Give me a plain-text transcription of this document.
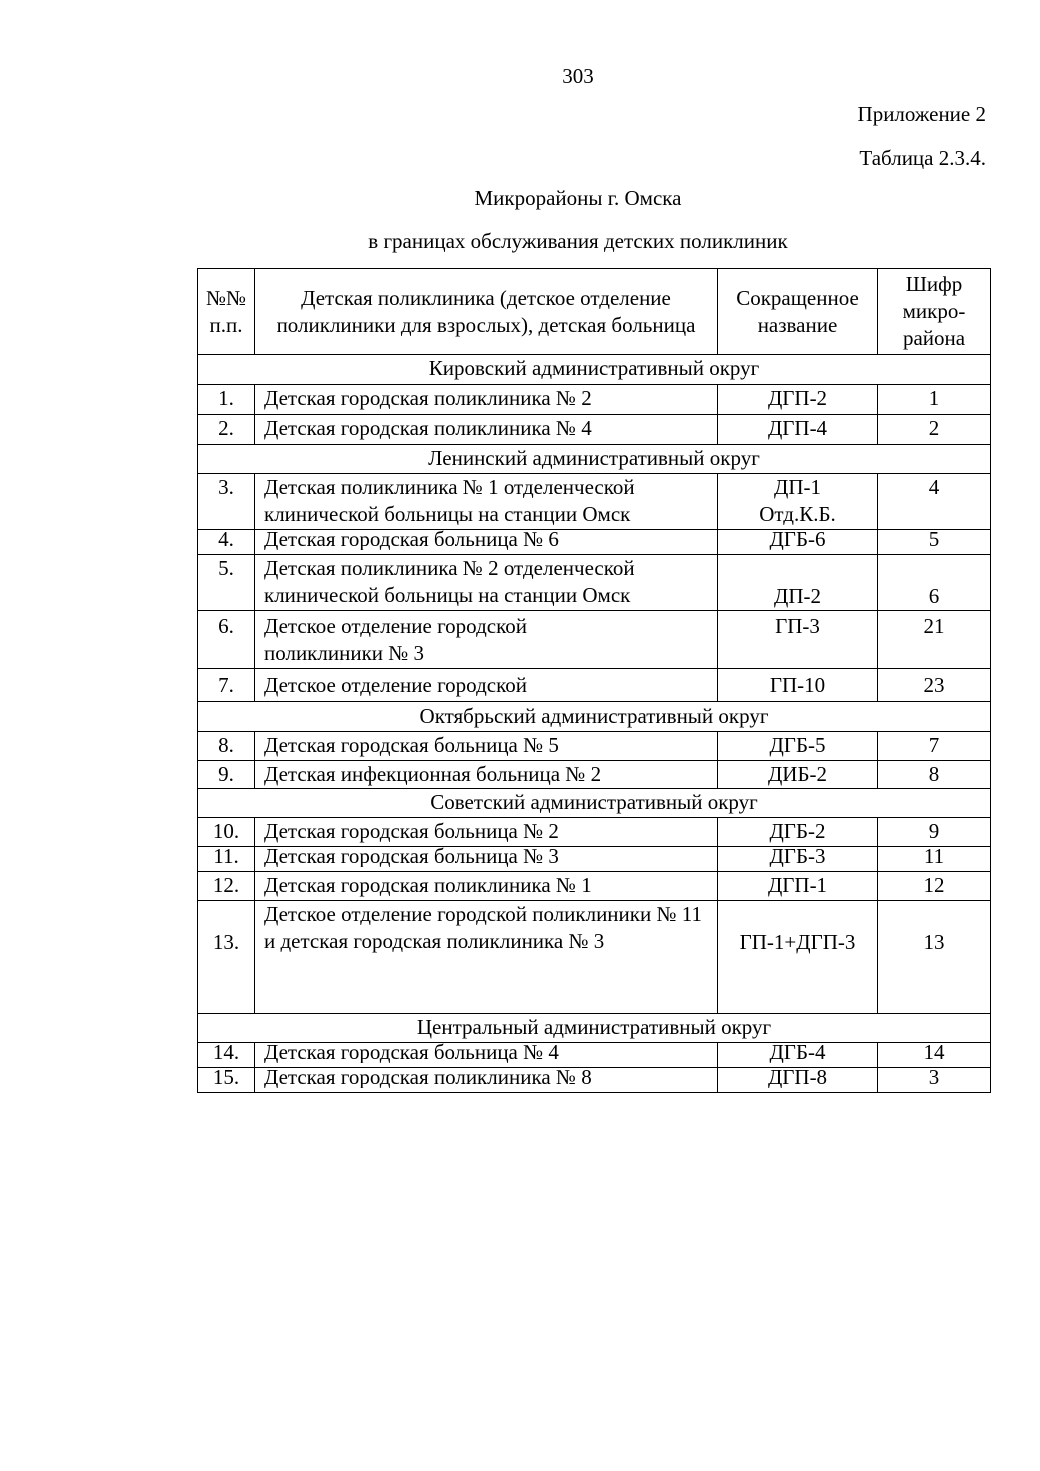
303
Приложение 2
Таблица 2.3.4.
Микрорайоны г. Омска
в границах обслуживания детских поликлиник
№№ п.п.	Детская поликлиника (детское отделение поликлиники для взрослых), детская больница	Сокращенное название	Шифр микро-района
Кировский административный округ			
1.	Детская городская поликлиника № 2	ДГП-2	1
2.	Детская городская поликлиника № 4	ДГП-4	2
Ленинский административный округ			
3.	Детская поликлиника № 1 отделенческой клинической больницы на станции Омск	ДП-1 Отд.К.Б.	4

4.	Детская городская больница № 6	ДГБ-6	5

5.	Детская поликлиника № 2 отделенческой клинической больницы на станции Омск	ДП-2	6
6.	Детское отделение городской поликлиники № 3	ГП-3	21
7.	Детское отделение городской	ГП-10	23
Октябрьский административный округ			
8.	Детская городская больница № 5	ДГБ-5	7
9.	Детская инфекционная больница № 2	ДИБ-2	8
Советский административный округ			
10.	Детская городская больница № 2	ДГБ-2	9

11.	Детская городская больница № 3	ДГБ-3	11

12.	Детская городская поликлиника № 1	ДГП-1	12
13.	Детское отделение городской поликлиники № 11 и детская городская поликлиника № 3	ГП-1+ДГП-3	13
Центральный административный округ			

14.	Детская городская больница № 4	ДГБ-4	14

15.	Детская городская поликлиника № 8	ДГП-8	3
